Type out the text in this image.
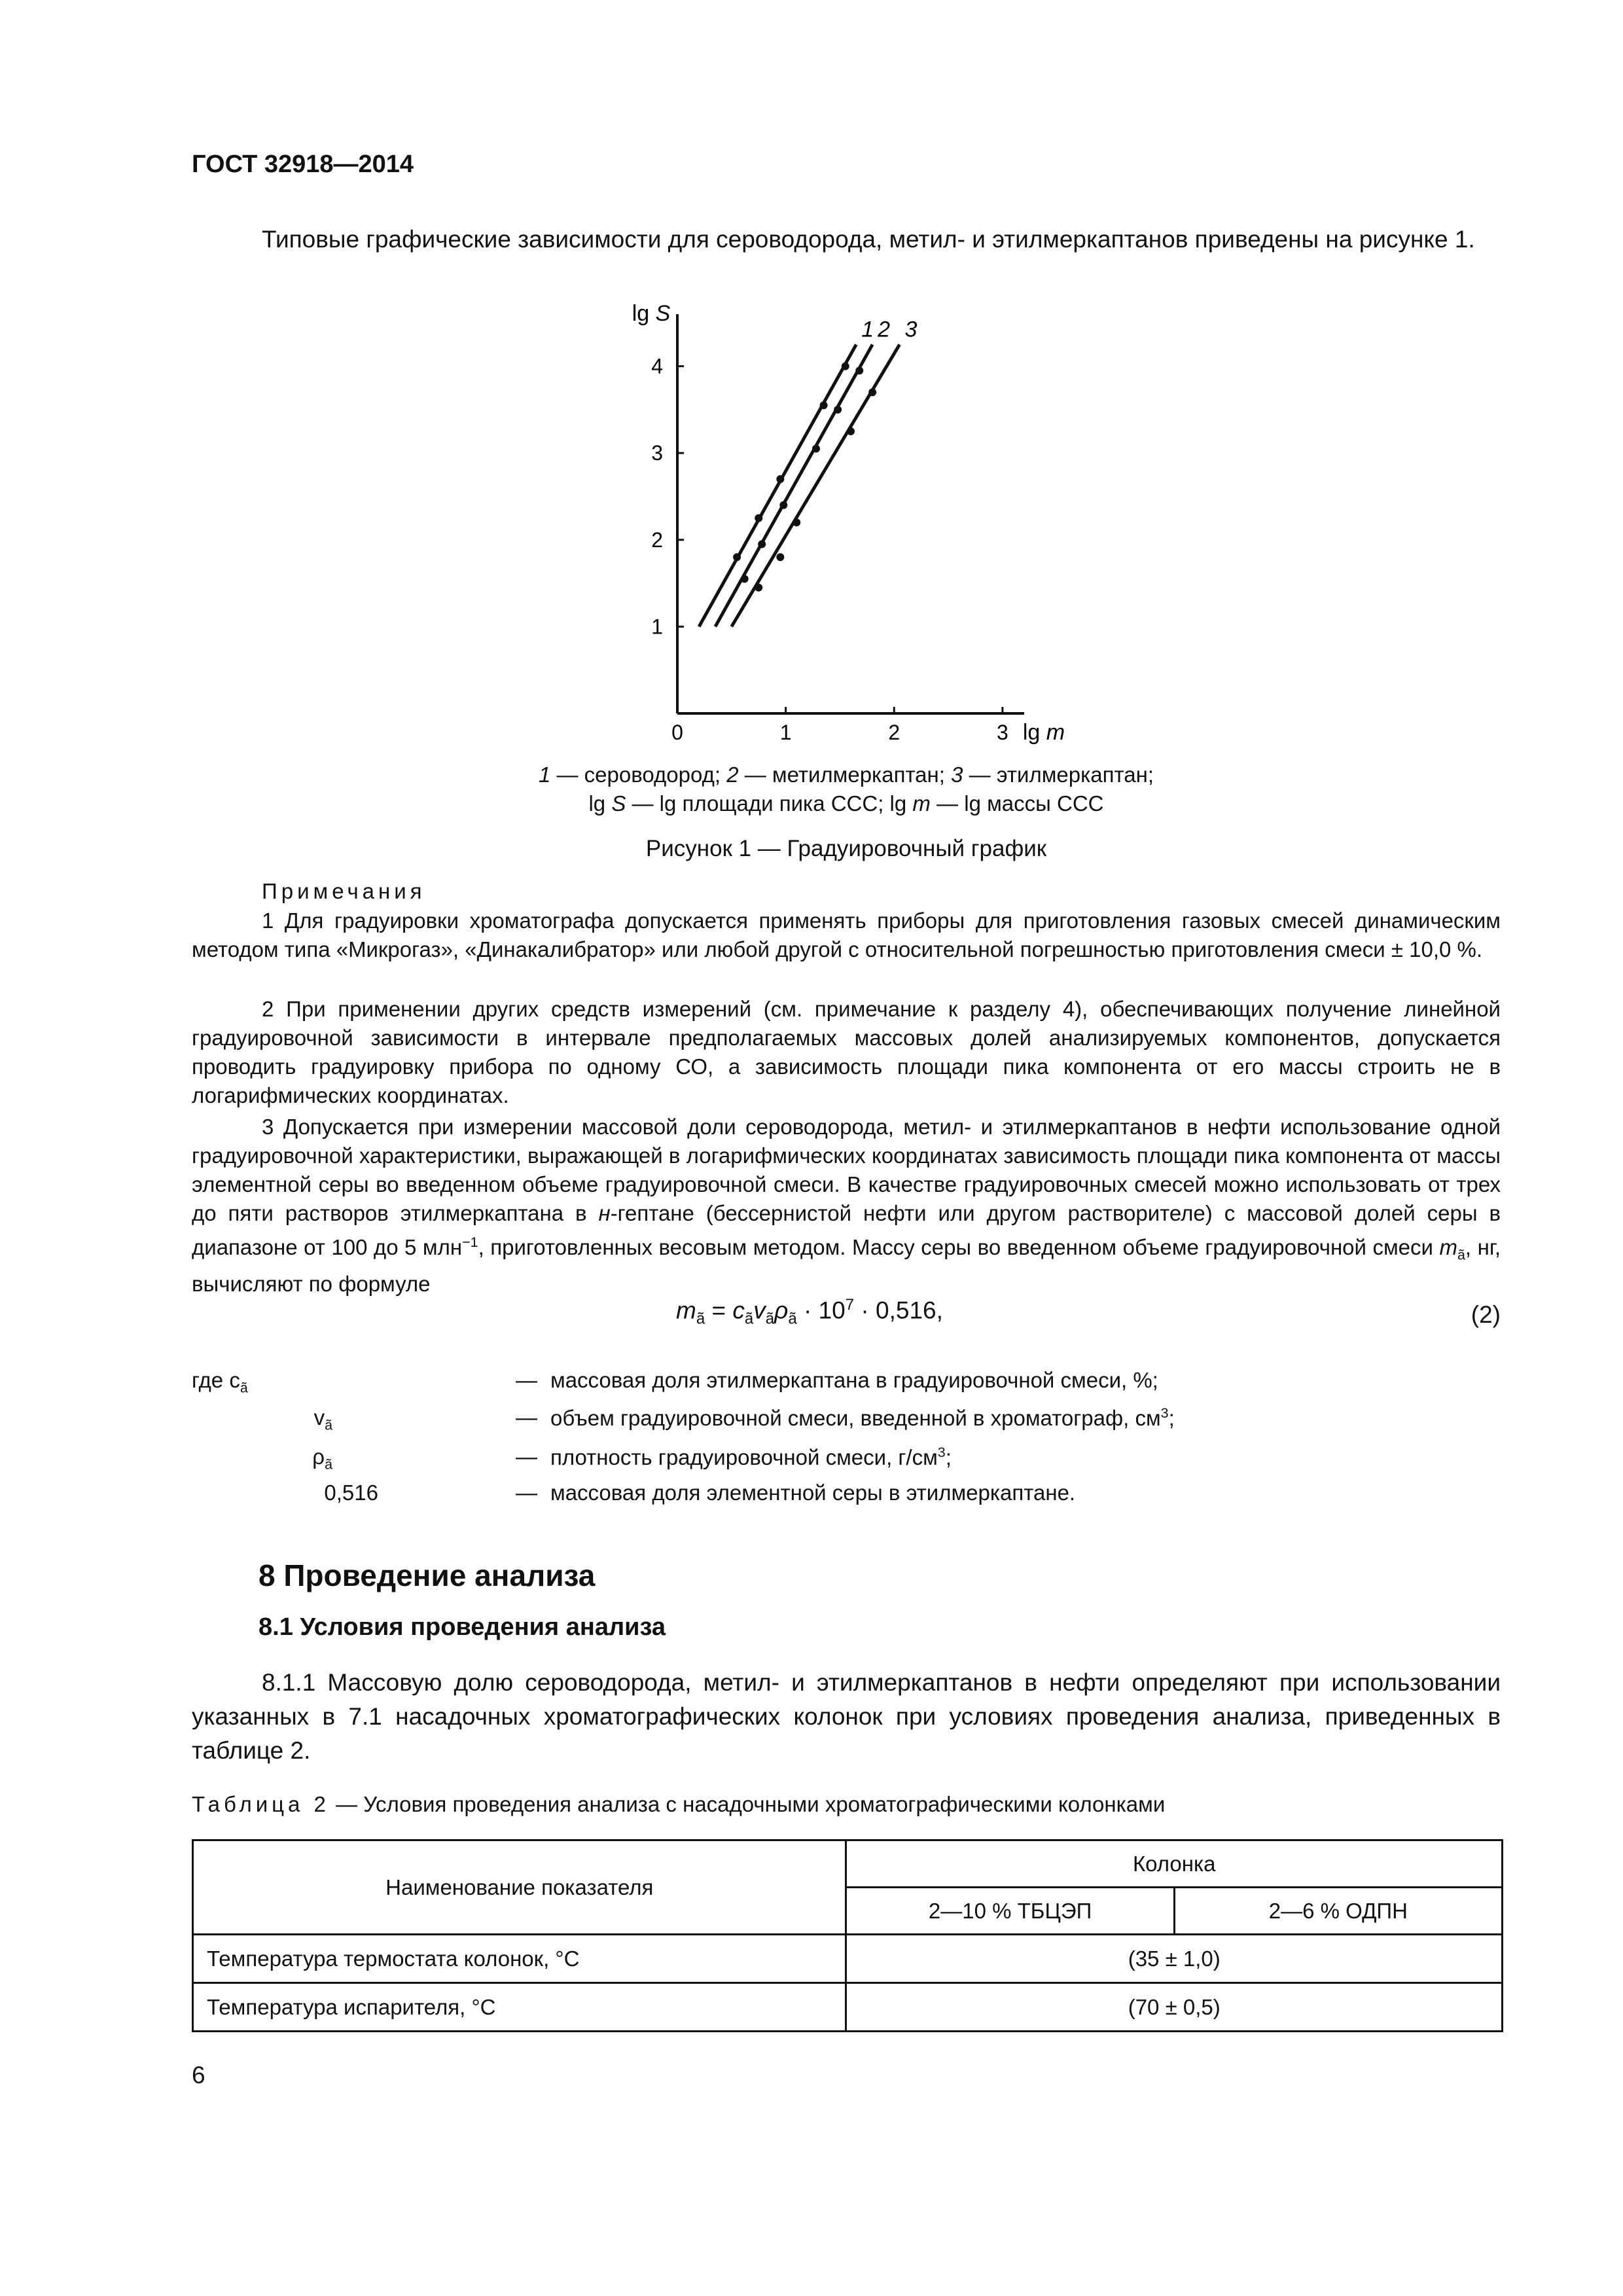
ГОСТ 32918—2014
Типовые графические зависимости для сероводорода, метил- и этилмеркаптанов приведены на рисунке 1.
0	1	2	3
1
2
3
4
1 2 3
lg S
lg m
1 — сероводород; 2 — метилмеркаптан; 3 — этилмеркаптан;
lg S — lg площади пика ССС; lg m — lg массы ССС
Рисунок 1 — Градуировочный график
Примечания
1 Для градуировки хроматографа допускается применять приборы для приготовления газовых смесей динамическим методом типа «Микрогаз», «Динакалибратор» или любой другой с относительной погрешностью приготовления смеси ± 10,0 %.
2 При применении других средств измерений (см. примечание к разделу 4), обеспечивающих получение линейной градуировочной зависимости в интервале предполагаемых массовых долей анализируемых компонентов, допускается проводить градуировку прибора по одному СО, а зависимость площади пика компонента от его массы строить не в логарифмических координатах.
3 Допускается при измерении массовой доли сероводорода, метил- и этилмеркаптанов в нефти использование одной градуировочной характеристики, выражающей в логарифмических координатах зависимость площади пика компонента от массы элементной серы во введенном объеме градуировочной смеси. В качестве градуировочных смесей можно использовать от трех до пяти растворов этилмеркаптана в н-гептане (бессернистой нефти или другом растворителе) с массовой долей серы в диапазоне от 100 до 5 млн$^{-1}$, приготовленных весовым методом. Массу серы во введенном объеме градуировочной смеси $m_ã$, нг, вычисляют по формуле
$m_ã = c_ãv_ã\rho_ã \cdot 10^7 \cdot 0,516$,	(2)
где $c_ã$	— массовая доля этилмеркаптана в градуировочной смеси, %;
$v_ã$	— объем градуировочной смеси, введенной в хроматограф, $см^3$;
$\rho_ã$	— плотность градуировочной смеси, $г/см^3$;
0,516	— массовая доля элементной серы в этилмеркаптане.
8 Проведение анализа
8.1 Условия проведения анализа
8.1.1 Массовую долю сероводорода, метил- и этилмеркаптанов в нефти определяют при использовании указанных в 7.1 насадочных хроматографических колонок при условиях проведения анализа, приведенных в таблице 2.
Таблица 2 — Условия проведения анализа с насадочными хроматографическими колонками
Наименование показателя	Колонка	
	2—10 % ТБЦЭП	2—6 % ОДПН
Температура термостата колонок, °С	(35 ± 1,0)	
Температура испарителя, °С	(70 ± 0,5)	
6
